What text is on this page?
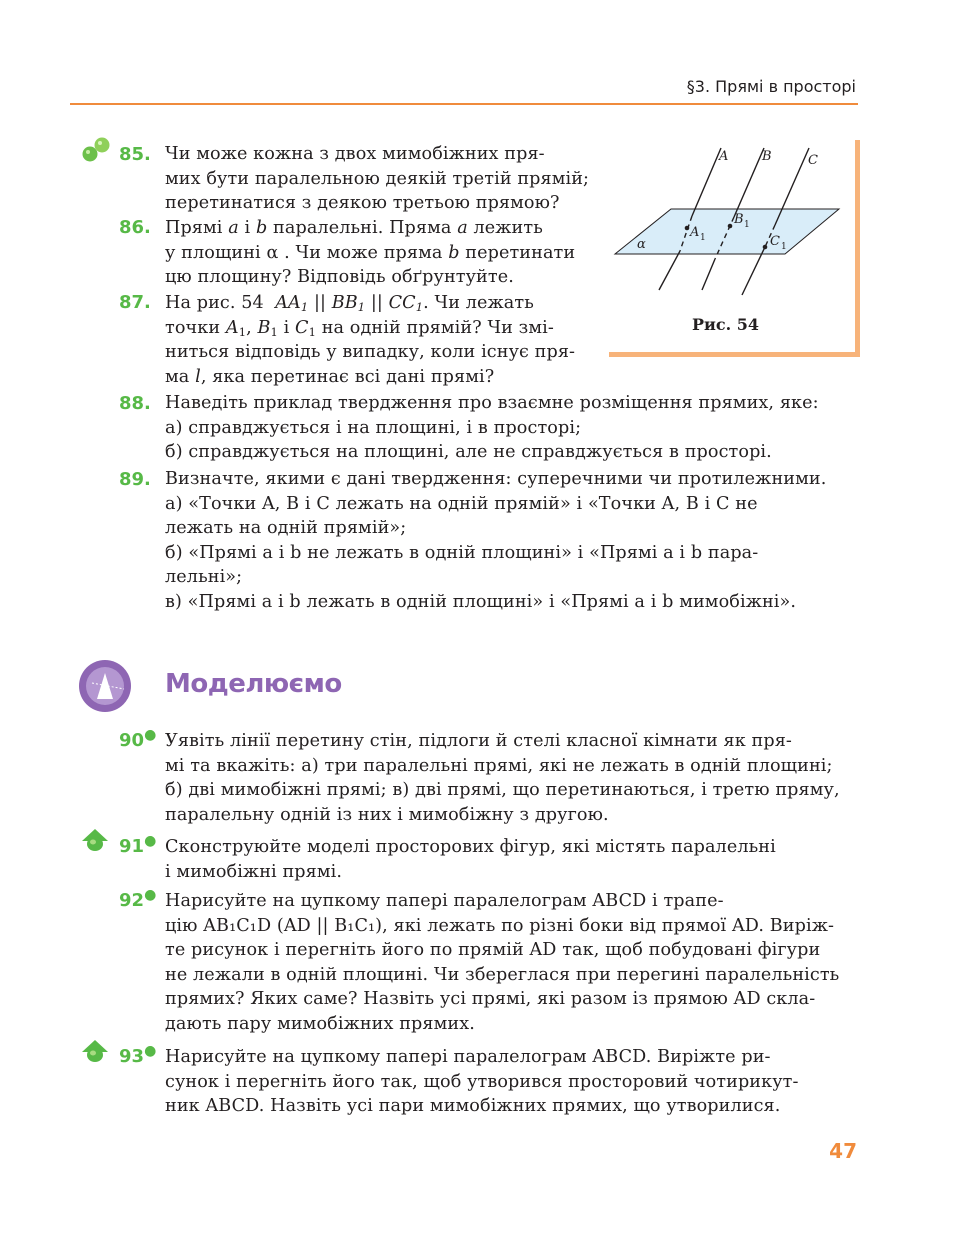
§3. Прямі в просторі
85. Чи може кожна з двох мимобіжних пря-
мих бути паралельною деякій третій прямій;
перетинатися з деякою третьою прямою?
86. Прямі a і b паралельні. Пряма a лежить
у площині α . Чи може пряма b перетинати
цю площину? Відповідь обґрунтуйте.
87. На рис. 54 $AA_1$ || $BB_1$ || $CC_1$. Чи лежать
точки $A_1$, $B_1$ і $C_1$ на одній прямій? Чи змі-
ниться відповідь у випадку, коли існує пря-
ма l, яка перетинає всі дані прямі?
A	B	C
α
A 1
B 1
C 1
Рис. 54
88. Наведіть приклад твердження про взаємне розміщення прямих, яке:
а) справджується і на площині, і в просторі;
б) справджується на площині, але не справджується в просторі.
89. Визначте, якими є дані твердження: суперечними чи протилежними.
а) «Точки A, B і C лежать на одній прямій» і «Точки A, B і C не
лежать на одній прямій»;
б) «Прямі a і b не лежать в одній площині» і «Прямі a і b пара-
лельні»;
в) «Прямі a і b лежать в одній площині» і «Прямі a і b мимобіжні».
Моделюємо
90● Уявіть лінії перетину стін, підлоги й стелі класної кімнати як пря-
мі та вкажіть: а) три паралельні прямі, які не лежать в одній площині;
б) дві мимобіжні прямі; в) дві прямі, що перетинаються, і третю пряму,
паралельну одній із них і мимобіжну з другою.
91● Сконструюйте моделі просторових фігур, які містять паралельні
і мимобіжні прямі.
92● Нарисуйте на цупкому папері паралелограм ABCD і трапе-
цію AB₁C₁D (AD || B₁C₁), які лежать по різні боки від прямої AD. Виріж-
те рисунок і перегніть його по прямій AD так, щоб побудовані фігури
не лежали в одній площині. Чи збереглася при перегині паралельність
прямих? Яких саме? Назвіть усі прямі, які разом із прямою AD скла-
дають пару мимобіжних прямих.
93● Нарисуйте на цупкому папері паралелограм ABCD. Виріжте ри-
сунок і перегніть його так, щоб утворився просторовий чотирикут-
ник ABCD. Назвіть усі пари мимобіжних прямих, що утворилися.
47
